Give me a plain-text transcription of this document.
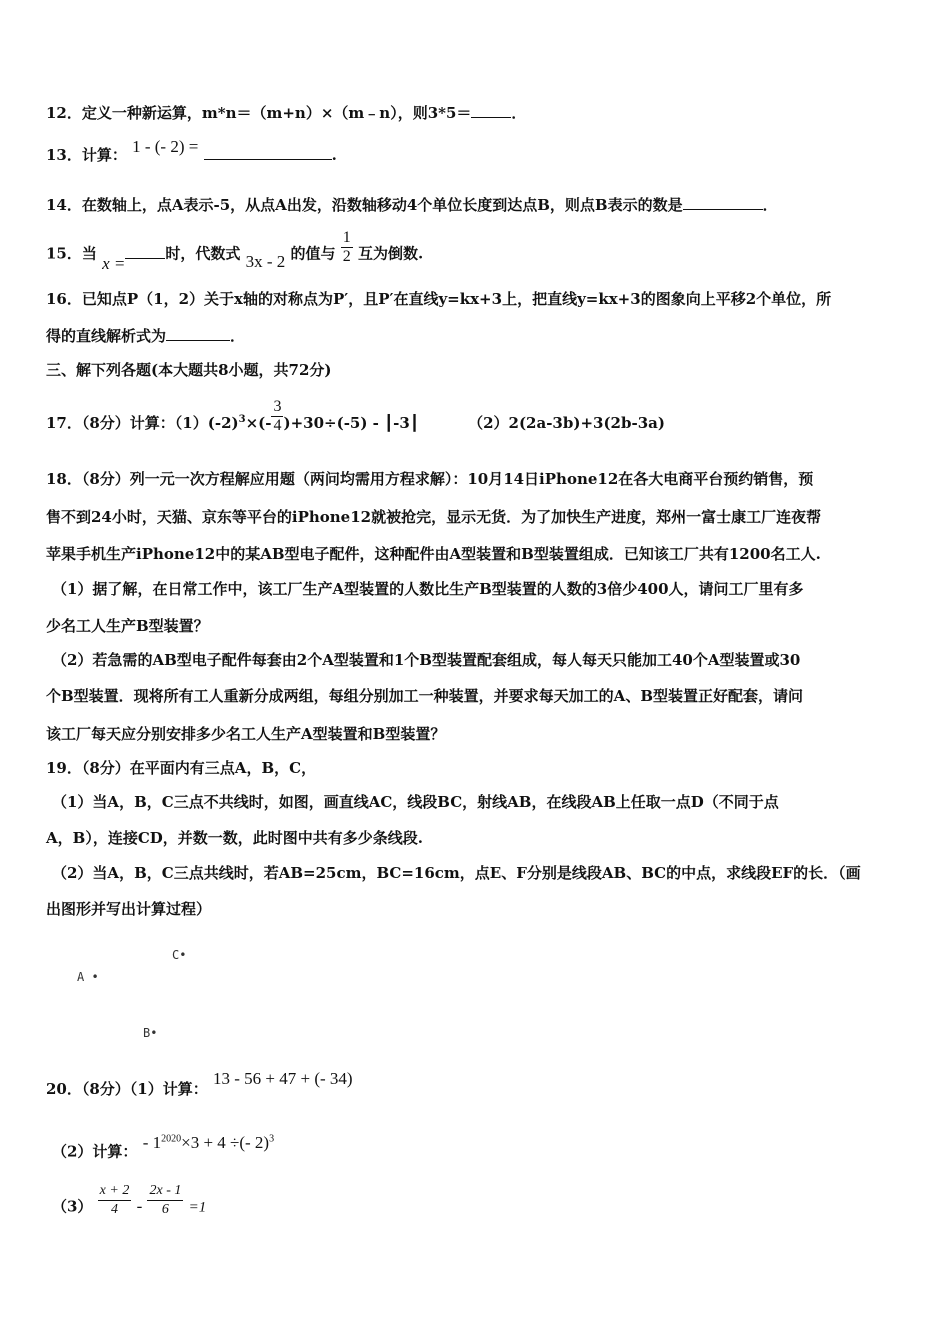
12．定义一种新运算，m*n＝（m+n）×（m﹣n），则3*5＝	．
13．计算： 1 - (- 2) =	.
14．在数轴上，点A表示-5，从点A出发，沿数轴移动4个单位长度到达点B，则点B表示的数是	．
15．当 x =	时，代数式 3x - 2 的值与 $\frac{1}{2}$ 互为倒数.
16．已知点P（1，2）关于x轴的对称点为P′，且P′在直线y=kx+3上，把直线y=kx+3的图象向上平移2个单位，所
得的直线解析式为	．
三、解下列各题(本大题共8小题，共72分)
17．（8分）计算：$(1)(-2)^3\times(- \frac{3}{4} )+30\div(-5)$ - ┃-3┃	（2）2(2a-3b)+3(2b-3a)
18．（8分）列一元一次方程解应用题（两问均需用方程求解）：10月14日iPhone12在各大电商平台预约销售，预
售不到24小时，天猫、京东等平台的iPhone12就被抢完，显示无货．为了加快生产进度，郑州一富士康工厂连夜帮
苹果手机生产iPhone12中的某AB型电子配件，这种配件由A型装置和B型装置组成．已知该工厂共有1200名工人.
（1）据了解，在日常工作中，该工厂生产A型装置的人数比生产B型装置的人数的3倍少400人，请问工厂里有多
少名工人生产B型装置？
（2）若急需的AB型电子配件每套由2个A型装置和1个B型装置配套组成，每人每天只能加工40个A型装置或30
个B型装置．现将所有工人重新分成两组，每组分别加工一种装置，并要求每天加工的A、B型装置正好配套，请问
该工厂每天应分别安排多少名工人生产A型装置和B型装置？
19．（8分）在平面内有三点A，B，C，
（1）当A，B，C三点不共线时，如图，画直线AC，线段BC，射线AB，在线段AB上任取一点D（不同于点
A，B），连接CD，并数一数，此时图中共有多少条线段.
（2）当A，B，C三点共线时，若AB=25cm，BC=16cm，点E、F分别是线段AB、BC的中点，求线段EF的长．（画
出图形并写出计算过程）
A •
C•
B•
20．（8分）（1）计算： 13 - 56 + 47 + (- 34)
（2）计算： - $1^{2020}\times 3 + 4$ ÷(- 2)$^3$
$(3) \frac{x + 2}{4} - \frac{2x - 1}{6} =1$
